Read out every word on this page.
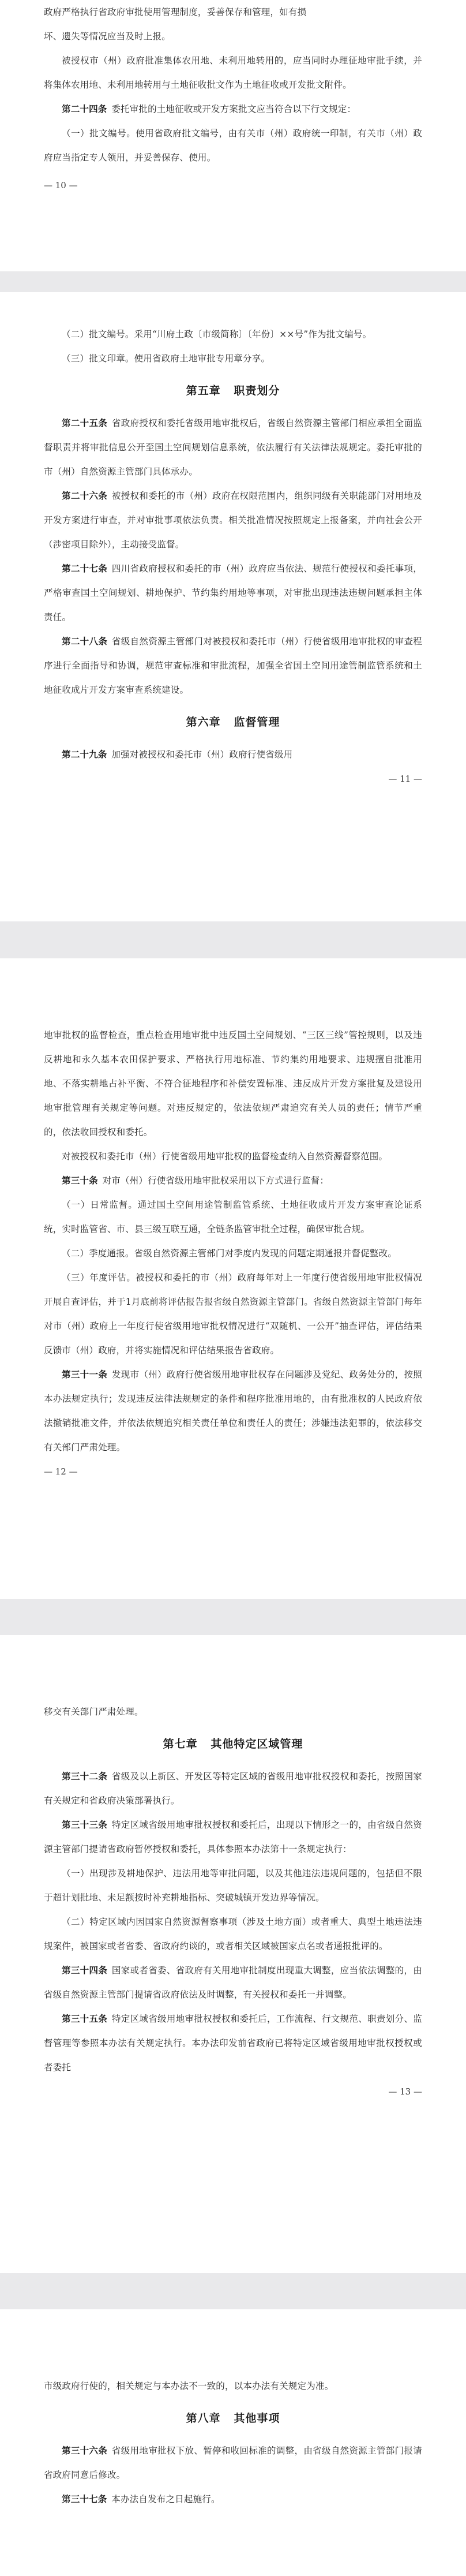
政府严格执行省政府审批使用管理制度，妥善保存和管理，如有损

坏、遗失等情况应当及时上报。

被授权市（州）政府批准集体农用地、未利用地转用的，应当同时办理征地审批手续，并将集体农用地、未利用地转用与土地征收批文作为土地征收或开发批文附件。

第二十四条 委托审批的土地征收或开发方案批文应当符合以下行文规定：

（一）批文编号。使用省政府批文编号，由有关市（州）政府统一印制，有关市（州）政府应当指定专人领用，并妥善保存、使用。

— 10 —

（二）批文编号。采用“川府土政〔市级简称〕〔年份〕××号”作为批文编号。

（三）批文印章。使用省政府土地审批专用章分享。

第五章 职责划分

第二十五条 省政府授权和委托省级用地审批权后，省级自然资源主管部门相应承担全面监督职责并将审批信息公开至国土空间规划信息系统，依法履行有关法律法规规定。委托审批的市（州）自然资源主管部门具体承办。

第二十六条 被授权和委托的市（州）政府在权限范围内，组织同级有关职能部门对用地及开发方案进行审查，并对审批事项依法负责。相关批准情况按照规定上报备案，并向社会公开（涉密项目除外），主动接受监督。

第二十七条 四川省政府授权和委托的市（州）政府应当依法、规范行使授权和委托事项，严格审查国土空间规划、耕地保护、节约集约用地等事项，对审批出现违法违规问题承担主体责任。

第二十八条 省级自然资源主管部门对被授权和委托市（州）行使省级用地审批权的审查程序进行全面指导和协调，规范审查标准和审批流程，加强全省国土空间用途管制监管系统和土地征收成片开发方案审查系统建设。

第六章 监督管理

第二十九条 加强对被授权和委托市（州）政府行使省级用

— 11 —

地审批权的监督检查，重点检查用地审批中违反国土空间规划、“三区三线”管控规则，以及违反耕地和永久基本农田保护要求、严格执行用地标准、节约集约用地要求、违规擅自批准用地、不落实耕地占补平衡、不符合征地程序和补偿安置标准、违反成片开发方案批复及建设用地审批管理有关规定等问题。对违反规定的，依法依规严肃追究有关人员的责任；情节严重的，依法收回授权和委托。

对被授权和委托市（州）行使省级用地审批权的监督检查纳入自然资源督察范围。

第三十条 对市（州）行使省级用地审批权采用以下方式进行监督：

（一）日常监督。通过国土空间用途管制监管系统、土地征收成片开发方案审查论证系统，实时监管省、市、县三级互联互通，全链条监管审批全过程，确保审批合规。

（二）季度通报。省级自然资源主管部门对季度内发现的问题定期通报并督促整改。

（三）年度评估。被授权和委托的市（州）政府每年对上一年度行使省级用地审批权情况开展自查评估，并于1月底前将评估报告报省级自然资源主管部门。省级自然资源主管部门每年对市（州）政府上一年度行使省级用地审批权情况进行“双随机、一公开”抽查评估，评估结果反馈市（州）政府，并将实施情况和评估结果报告省政府。

第三十一条 发现市（州）政府行使省级用地审批权存在问题涉及党纪、政务处分的，按照本办法规定执行；发现违反法律法规规定的条件和程序批准用地的，由有批准权的人民政府依法撤销批准文件，并依法依规追究相关责任单位和责任人的责任；涉嫌违法犯罪的，依法移交有关部门严肃处理。

— 12 —

移交有关部门严肃处理。

第七章 其他特定区域管理

第三十二条 省级及以上新区、开发区等特定区域的省级用地审批权授权和委托，按照国家有关规定和省政府决策部署执行。

第三十三条 特定区域省级用地审批权授权和委托后，出现以下情形之一的，由省级自然资源主管部门提请省政府暂停授权和委托，具体参照本办法第十一条规定执行：

（一）出现涉及耕地保护、违法用地等审批问题，以及其他违法违规问题的，包括但不限于超计划批地、未足额按时补充耕地指标、突破城镇开发边界等情况。

（二）特定区域内因国家自然资源督察事项（涉及土地方面）或者重大、典型土地违法违规案件，被国家或者省委、省政府约谈的，或者相关区域被国家点名或者通报批评的。

第三十四条 国家或者省委、省政府有关用地审批制度出现重大调整，应当依法调整的，由省级自然资源主管部门提请省政府依法及时调整，有关授权和委托一并调整。

第三十五条 特定区域省级用地审批权授权和委托后，工作流程、行文规范、职责划分、监督管理等参照本办法有关规定执行。本办法印发前省政府已将特定区域省级用地审批权授权或者委托

— 13 —

市级政府行使的，相关规定与本办法不一致的，以本办法有关规定为准。

第八章 其他事项

第三十六条 省级用地审批权下放、暂停和收回标准的调整，由省级自然资源主管部门报请省政府同意后修改。

第三十七条 本办法自发布之日起施行。
